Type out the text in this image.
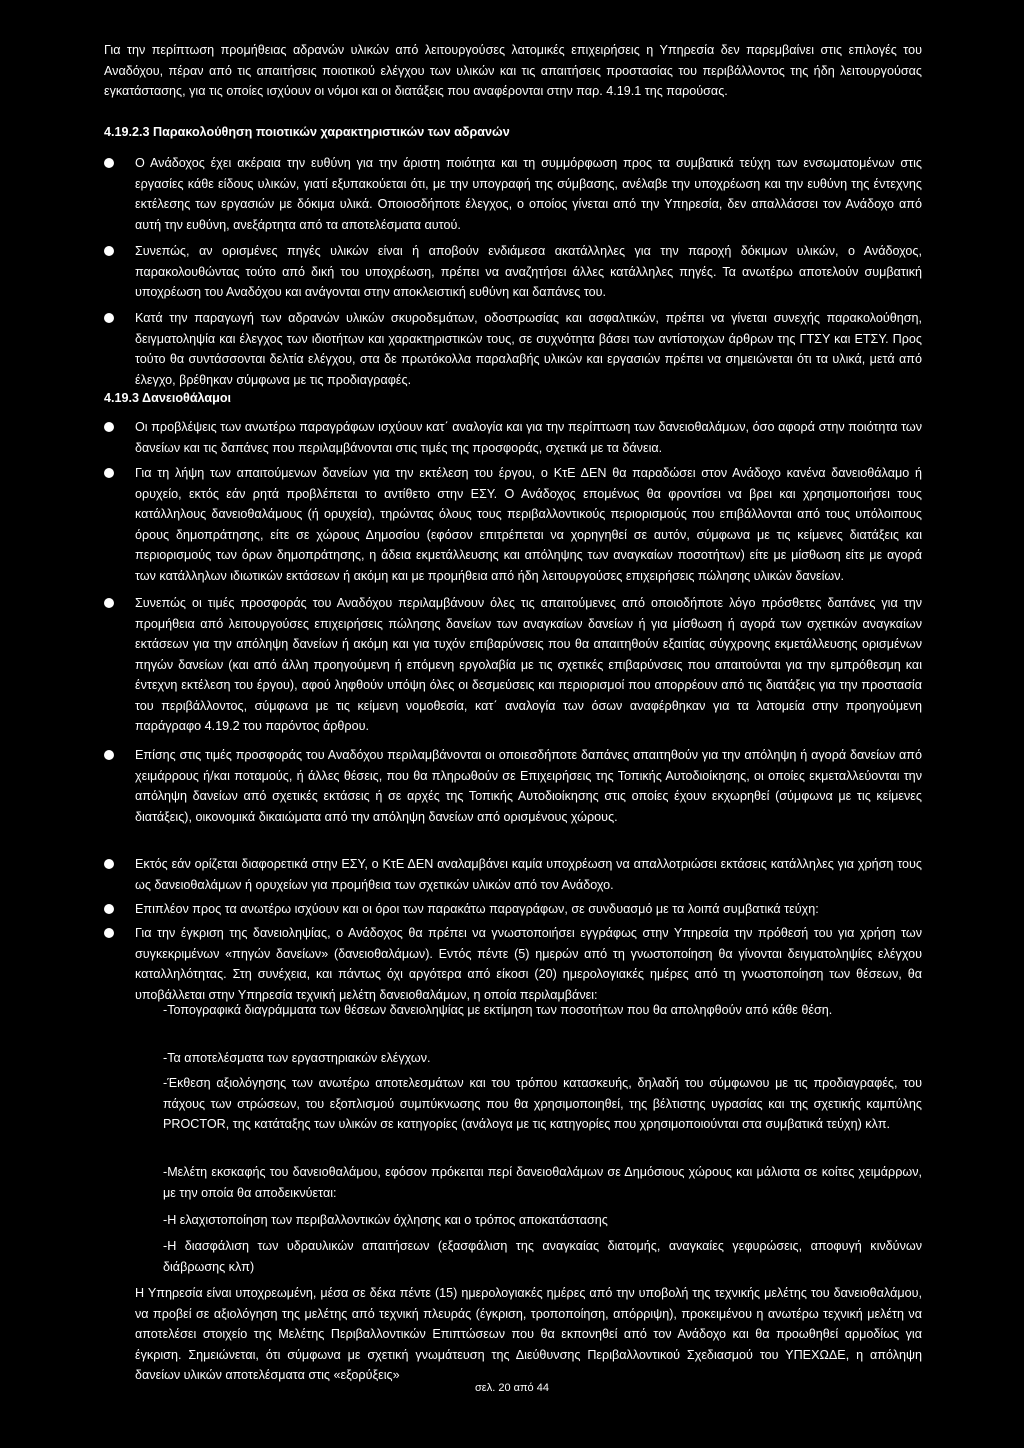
Για την περίπτωση προμήθειας αδρανών υλικών από λειτουργούσες λατομικές επιχειρήσεις η Υπηρεσία δεν παρεμβαίνει στις επιλογές του Αναδόχου, πέραν από τις απαιτήσεις ποιοτικού ελέγχου των υλικών και τις απαιτήσεις προστασίας του περιβάλλοντος της ήδη λειτουργούσας εγκατάστασης, για τις οποίες ισχύουν οι νόμοι και οι διατάξεις που αναφέρονται στην παρ. 4.19.1 της παρούσας.

4.19.2.3 Παρακολούθηση ποιοτικών χαρακτηριστικών των αδρανών
Ο Ανάδοχος έχει ακέραια την ευθύνη για την άριστη ποιότητα και τη συμμόρφωση προς τα συμβατικά τεύχη των ενσωματομένων στις εργασίες κάθε είδους υλικών, γιατί εξυπακούεται ότι, με την υπογραφή της σύμβασης, ανέλαβε την υποχρέωση και την ευθύνη της έντεχνης εκτέλεσης των εργασιών με δόκιμα υλικά. Οποιοσδήποτε έλεγχος, ο οποίος γίνεται από την Υπηρεσία, δεν απαλλάσσει τον Ανάδοχο από αυτή την ευθύνη, ανεξάρτητα από τα αποτελέσματα αυτού.
Συνεπώς, αν ορισμένες πηγές υλικών είναι ή αποβούν ενδιάμεσα ακατάλληλες για την παροχή δόκιμων υλικών, ο Ανάδοχος, παρακολουθώντας τούτο από δική του υποχρέωση, πρέπει να αναζητήσει άλλες κατάλληλες πηγές. Τα ανωτέρω αποτελούν συμβατική υποχρέωση του Αναδόχου και ανάγονται στην αποκλειστική ευθύνη και δαπάνες του.
Κατά την παραγωγή των αδρανών υλικών σκυροδεμάτων, οδοστρωσίας και ασφαλτικών, πρέπει να γίνεται συνεχής παρακολούθηση, δειγματοληψία και έλεγχος των ιδιοτήτων και χαρακτηριστικών τους, σε συχνότητα βάσει των αντίστοιχων άρθρων της ΓΤΣΥ και ΕΤΣΥ. Προς τούτο θα συντάσσονται δελτία ελέγχου, στα δε πρωτόκολλα παραλαβής υλικών και εργασιών πρέπει να σημειώνεται ότι τα υλικά, μετά από έλεγχο, βρέθηκαν σύμφωνα με τις προδιαγραφές.
4.19.3 Δανειοθάλαμοι
Οι προβλέψεις των ανωτέρω παραγράφων ισχύουν κατ΄ αναλογία και για την περίπτωση των δανειοθαλάμων, όσο αφορά στην ποιότητα των δανείων και τις δαπάνες που περιλαμβάνονται στις τιμές της προσφοράς, σχετικά με τα δάνεια.
Για τη λήψη των απαιτούμενων δανείων για την εκτέλεση του έργου, ο ΚτΕ ΔΕΝ θα παραδώσει στον Ανάδοχο κανένα δανειοθάλαμο ή ορυχείο, εκτός εάν ρητά προβλέπεται το αντίθετο στην ΕΣΥ. Ο Ανάδοχος επομένως θα φροντίσει να βρει και χρησιμοποιήσει τους κατάλληλους δανειοθαλάμους (ή ορυχεία), τηρώντας όλους τους περιβαλλοντικούς περιορισμούς που επιβάλλονται από τους υπόλοιπους όρους δημοπράτησης, είτε σε χώρους Δημοσίου (εφόσον επιτρέπεται να χορηγηθεί σε αυτόν, σύμφωνα με τις κείμενες διατάξεις και περιορισμούς των όρων δημοπράτησης, η άδεια εκμετάλλευσης και απόληψης των αναγκαίων ποσοτήτων) είτε με μίσθωση είτε με αγορά των κατάλληλων ιδιωτικών εκτάσεων ή ακόμη και με προμήθεια από ήδη λειτουργούσες επιχειρήσεις πώλησης υλικών δανείων.
Συνεπώς οι τιμές προσφοράς του Αναδόχου περιλαμβάνουν όλες τις απαιτούμενες από οποιοδήποτε λόγο πρόσθετες δαπάνες για την προμήθεια από λειτουργούσες επιχειρήσεις πώλησης δανείων των αναγκαίων δανείων ή για μίσθωση ή αγορά των σχετικών αναγκαίων εκτάσεων για την απόληψη δανείων ή ακόμη και για τυχόν επιβαρύνσεις που θα απαιτηθούν εξαιτίας σύγχρονης εκμετάλλευσης ορισμένων πηγών δανείων (και από άλλη προηγούμενη ή επόμενη εργολαβία με τις σχετικές επιβαρύνσεις που απαιτούνται για την εμπρόθεσμη και έντεχνη εκτέλεση του έργου), αφού ληφθούν υπόψη όλες οι δεσμεύσεις και περιορισμοί που απορρέουν από τις διατάξεις για την προστασία του περιβάλλοντος, σύμφωνα με τις κείμενη νομοθεσία, κατ΄ αναλογία των όσων αναφέρθηκαν για τα λατομεία στην προηγούμενη παράγραφο 4.19.2 του παρόντος άρθρου.
Επίσης στις τιμές προσφοράς του Αναδόχου περιλαμβάνονται οι οποιεσδήποτε δαπάνες απαιτηθούν για την απόληψη ή αγορά δανείων από χειμάρρους ή/και ποταμούς, ή άλλες θέσεις, που θα πληρωθούν σε Επιχειρήσεις της Τοπικής Αυτοδιοίκησης, οι οποίες εκμεταλλεύονται την απόληψη δανείων από σχετικές εκτάσεις ή σε αρχές της Τοπικής Αυτοδιοίκησης στις οποίες έχουν εκχωρηθεί (σύμφωνα με τις κείμενες διατάξεις), οικονομικά δικαιώματα από την απόληψη δανείων από ορισμένους χώρους.
Εκτός εάν ορίζεται διαφορετικά στην ΕΣΥ, ο ΚτΕ ΔΕΝ αναλαμβάνει καμία υποχρέωση να απαλλοτριώσει εκτάσεις κατάλληλες για χρήση τους ως δανειοθαλάμων ή ορυχείων για προμήθεια των σχετικών υλικών από τον Ανάδοχο.
Επιπλέον προς τα ανωτέρω ισχύουν και οι όροι των παρακάτω παραγράφων, σε συνδυασμό με τα λοιπά συμβατικά τεύχη:
Για την έγκριση της δανειοληψίας, ο Ανάδοχος θα πρέπει να γνωστοποιήσει εγγράφως στην Υπηρεσία την πρόθεσή του για χρήση των συγκεκριμένων «πηγών δανείων» (δανειοθαλάμων). Εντός πέντε (5) ημερών από τη γνωστοποίηση θα γίνονται δειγματοληψίες ελέγχου καταλληλότητας. Στη συνέχεια, και πάντως όχι αργότερα από είκοσι (20) ημερολογιακές ημέρες από τη γνωστοποίηση των θέσεων, θα υποβάλλεται στην Υπηρεσία τεχνική μελέτη δανειοθαλάμων, η οποία περιλαμβάνει:

-Τοπογραφικά διαγράμματα των θέσεων δανειοληψίας με εκτίμηση των ποσοτήτων που θα αποληφθούν από κάθε θέση.

-Τα αποτελέσματα των εργαστηριακών ελέγχων.

-Έκθεση αξιολόγησης των ανωτέρω αποτελεσμάτων και του τρόπου κατασκευής, δηλαδή του σύμφωνου με τις προδιαγραφές, του πάχους των στρώσεων, του εξοπλισμού συμπύκνωσης που θα χρησιμοποιηθεί, της βέλτιστης υγρασίας και της σχετικής καμπύλης PROCTOR, της κατάταξης των υλικών σε κατηγορίες (ανάλογα με τις κατηγορίες που χρησιμοποιούνται στα συμβατικά τεύχη) κλπ.

-Μελέτη εκσκαφής του δανειοθαλάμου, εφόσον πρόκειται περί δανειοθαλάμων σε Δημόσιους χώρους και μάλιστα σε κοίτες χειμάρρων, με την οποία θα αποδεικνύεται:

-Η ελαχιστοποίηση των περιβαλλοντικών όχλησης και ο τρόπος αποκατάστασης

-Η διασφάλιση των υδραυλικών απαιτήσεων (εξασφάλιση της αναγκαίας διατομής, αναγκαίες γεφυρώσεις, αποφυγή κινδύνων διάβρωσης κλπ)

Η Υπηρεσία είναι υποχρεωμένη, μέσα σε δέκα πέντε (15) ημερολογιακές ημέρες από την υποβολή της τεχνικής μελέτης του δανειοθαλάμου, να προβεί σε αξιολόγηση της μελέτης από τεχνική πλευράς (έγκριση, τροποποίηση, απόρριψη), προκειμένου η ανωτέρω τεχνική μελέτη να αποτελέσει στοιχείο της Μελέτης Περιβαλλοντικών Επιπτώσεων που θα εκπονηθεί από τον Ανάδοχο και θα προωθηθεί αρμοδίως για έγκριση. Σημειώνεται, ότι σύμφωνα με σχετική γνωμάτευση της Διεύθυνσης Περιβαλλοντικού Σχεδιασμού του ΥΠΕΧΩΔΕ, η απόληψη δανείων υλικών αποτελέσματα στις «εξορύξεις»

σελ. 20 από 44
